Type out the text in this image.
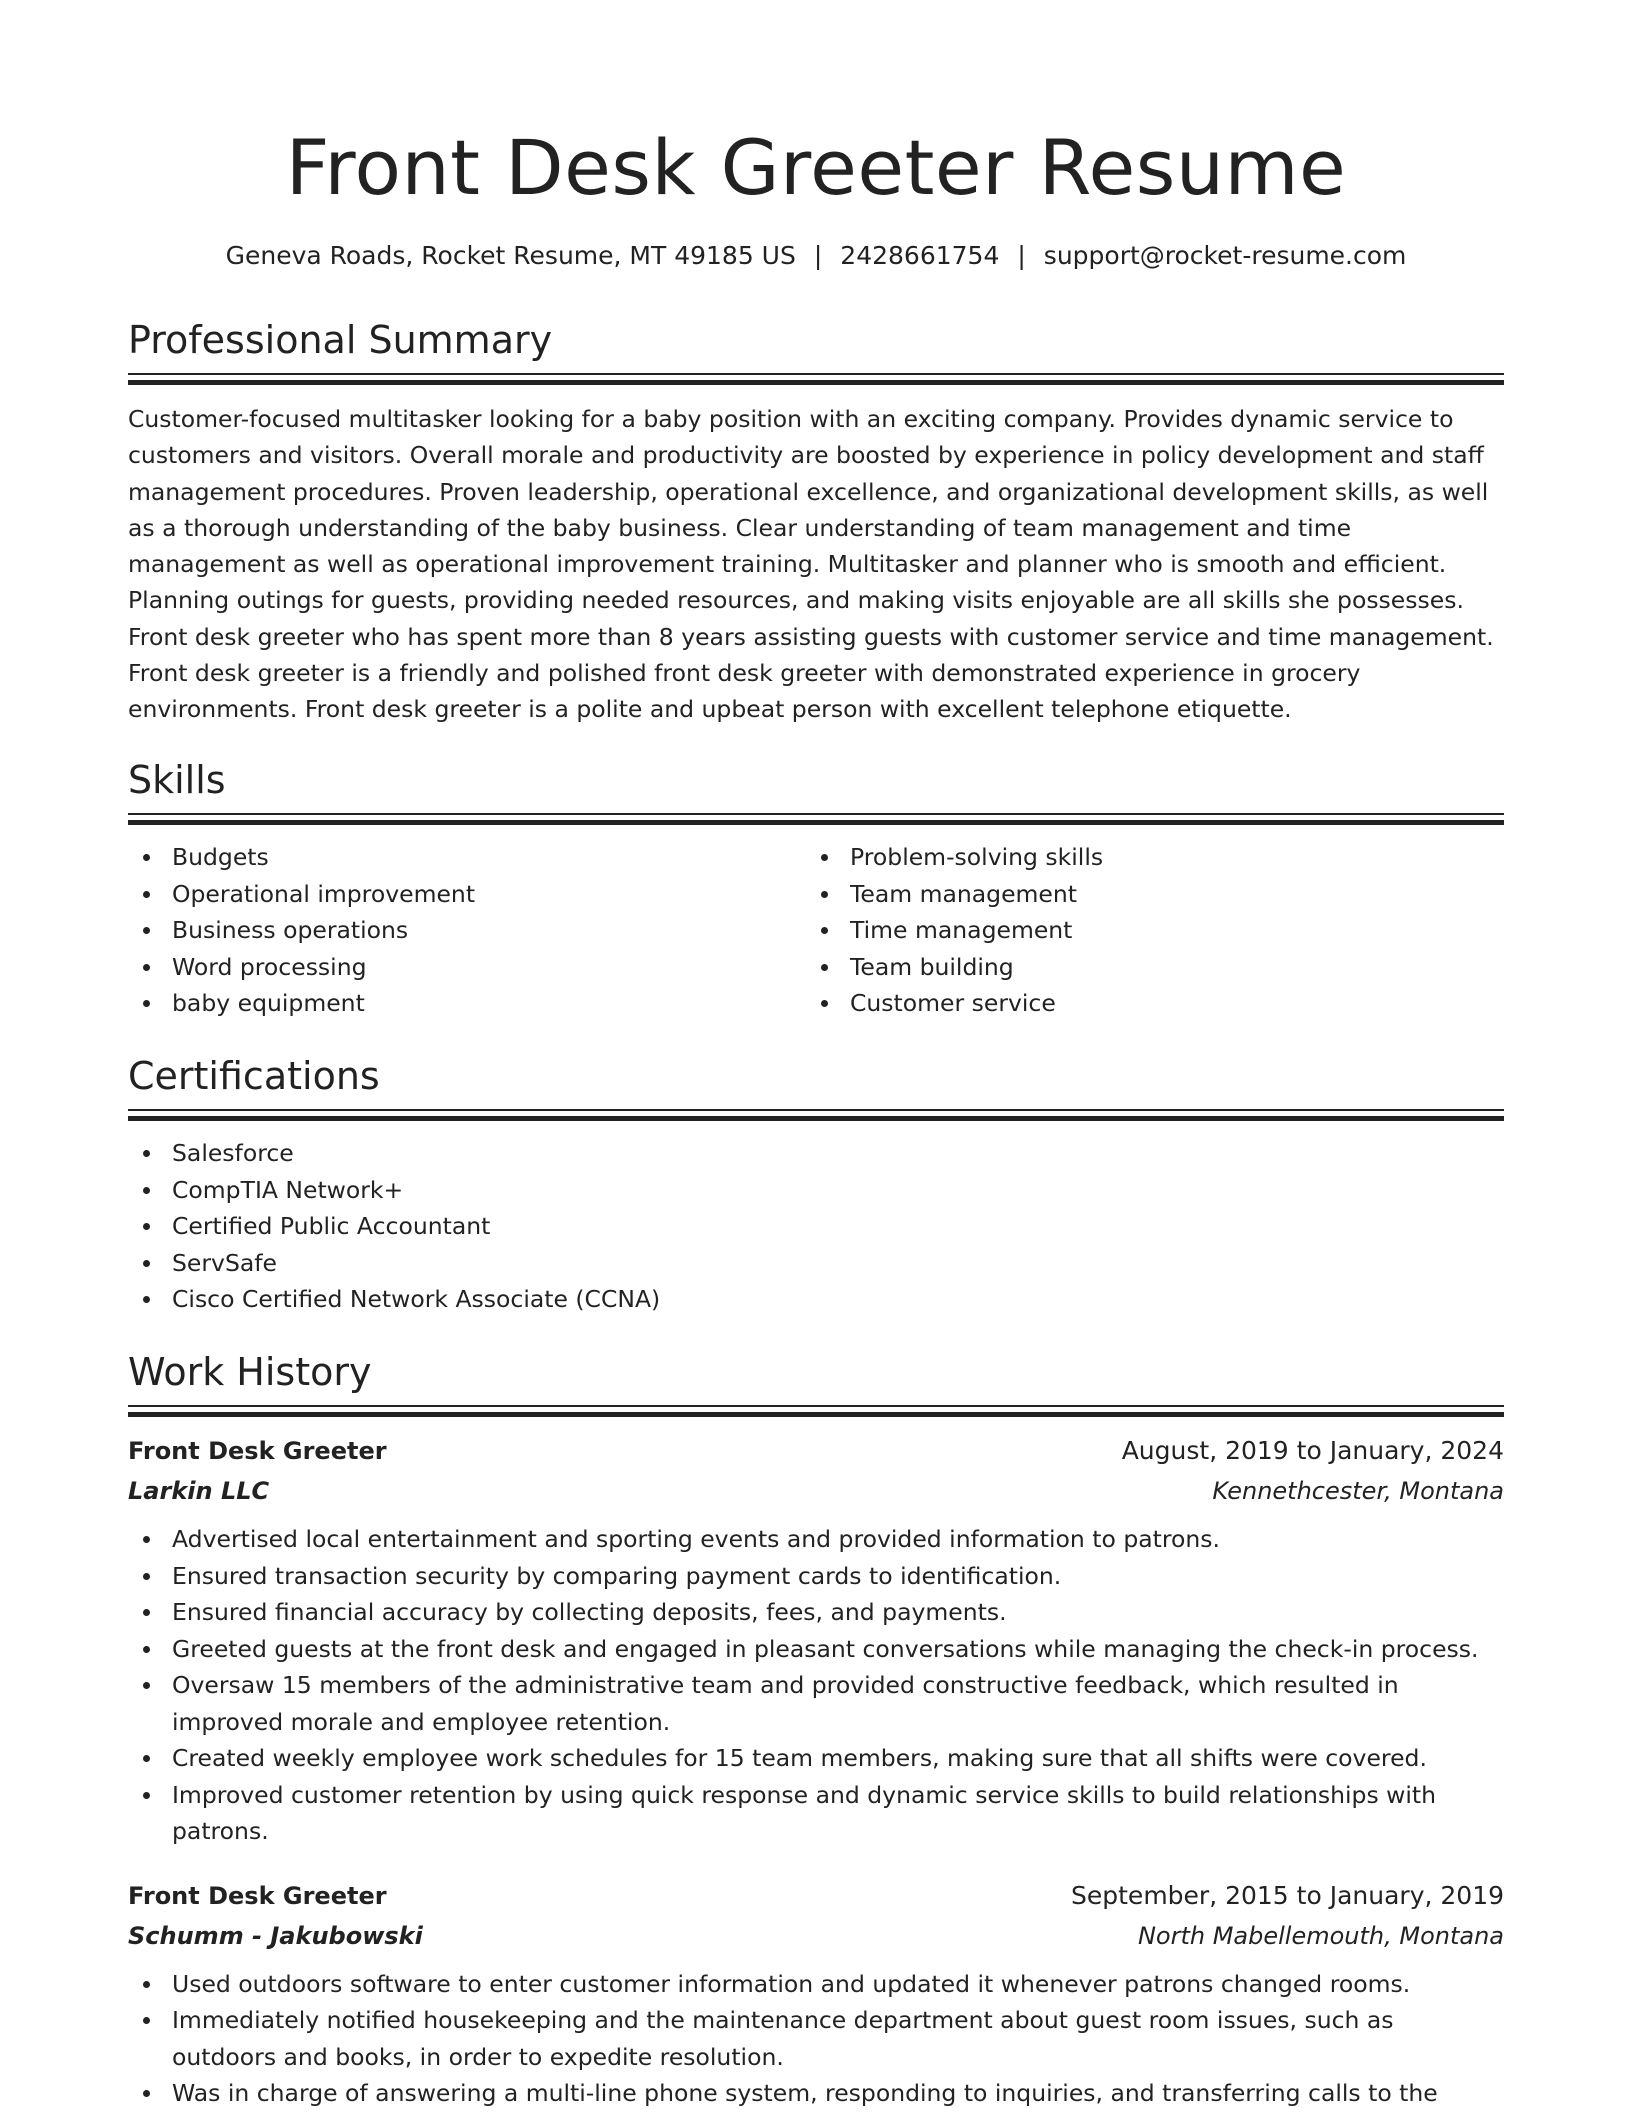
Front Desk Greeter Resume
Geneva Roads, Rocket Resume, MT 49185 US | 2428661754 | support@rocket-resume.com
Professional Summary
Customer-focused multitasker looking for a baby position with an exciting company. Provides dynamic service to customers and visitors. Overall morale and productivity are boosted by experience in policy development and staff management procedures. Proven leadership, operational excellence, and organizational development skills, as well as a thorough understanding of the baby business. Clear understanding of team management and time management as well as operational improvement training. Multitasker and planner who is smooth and efficient. Planning outings for guests, providing needed resources, and making visits enjoyable are all skills she possesses. Front desk greeter who has spent more than 8 years assisting guests with customer service and time management. Front desk greeter is a friendly and polished front desk greeter with demonstrated experience in grocery environments. Front desk greeter is a polite and upbeat person with excellent telephone etiquette.
Skills
Budgets
Operational improvement
Business operations
Word processing
baby equipment
Problem-solving skills
Team management
Time management
Team building
Customer service
Certifications
Salesforce
CompTIA Network+
Certified Public Accountant
ServSafe
Cisco Certified Network Associate (CCNA)
Work History
Front Desk Greeter	August, 2019 to January, 2024
Larkin LLC	Kennethcester, Montana
Advertised local entertainment and sporting events and provided information to patrons.
Ensured transaction security by comparing payment cards to identification.
Ensured financial accuracy by collecting deposits, fees, and payments.
Greeted guests at the front desk and engaged in pleasant conversations while managing the check-in process.
Oversaw 15 members of the administrative team and provided constructive feedback, which resulted in improved morale and employee retention.
Created weekly employee work schedules for 15 team members, making sure that all shifts were covered.
Improved customer retention by using quick response and dynamic service skills to build relationships with patrons.
Front Desk Greeter	September, 2015 to January, 2019
Schumm - Jakubowski	North Mabellemouth, Montana
Used outdoors software to enter customer information and updated it whenever patrons changed rooms.
Immediately notified housekeeping and the maintenance department about guest room issues, such as outdoors and books, in order to expedite resolution.
Was in charge of answering a multi-line phone system, responding to inquiries, and transferring calls to the
